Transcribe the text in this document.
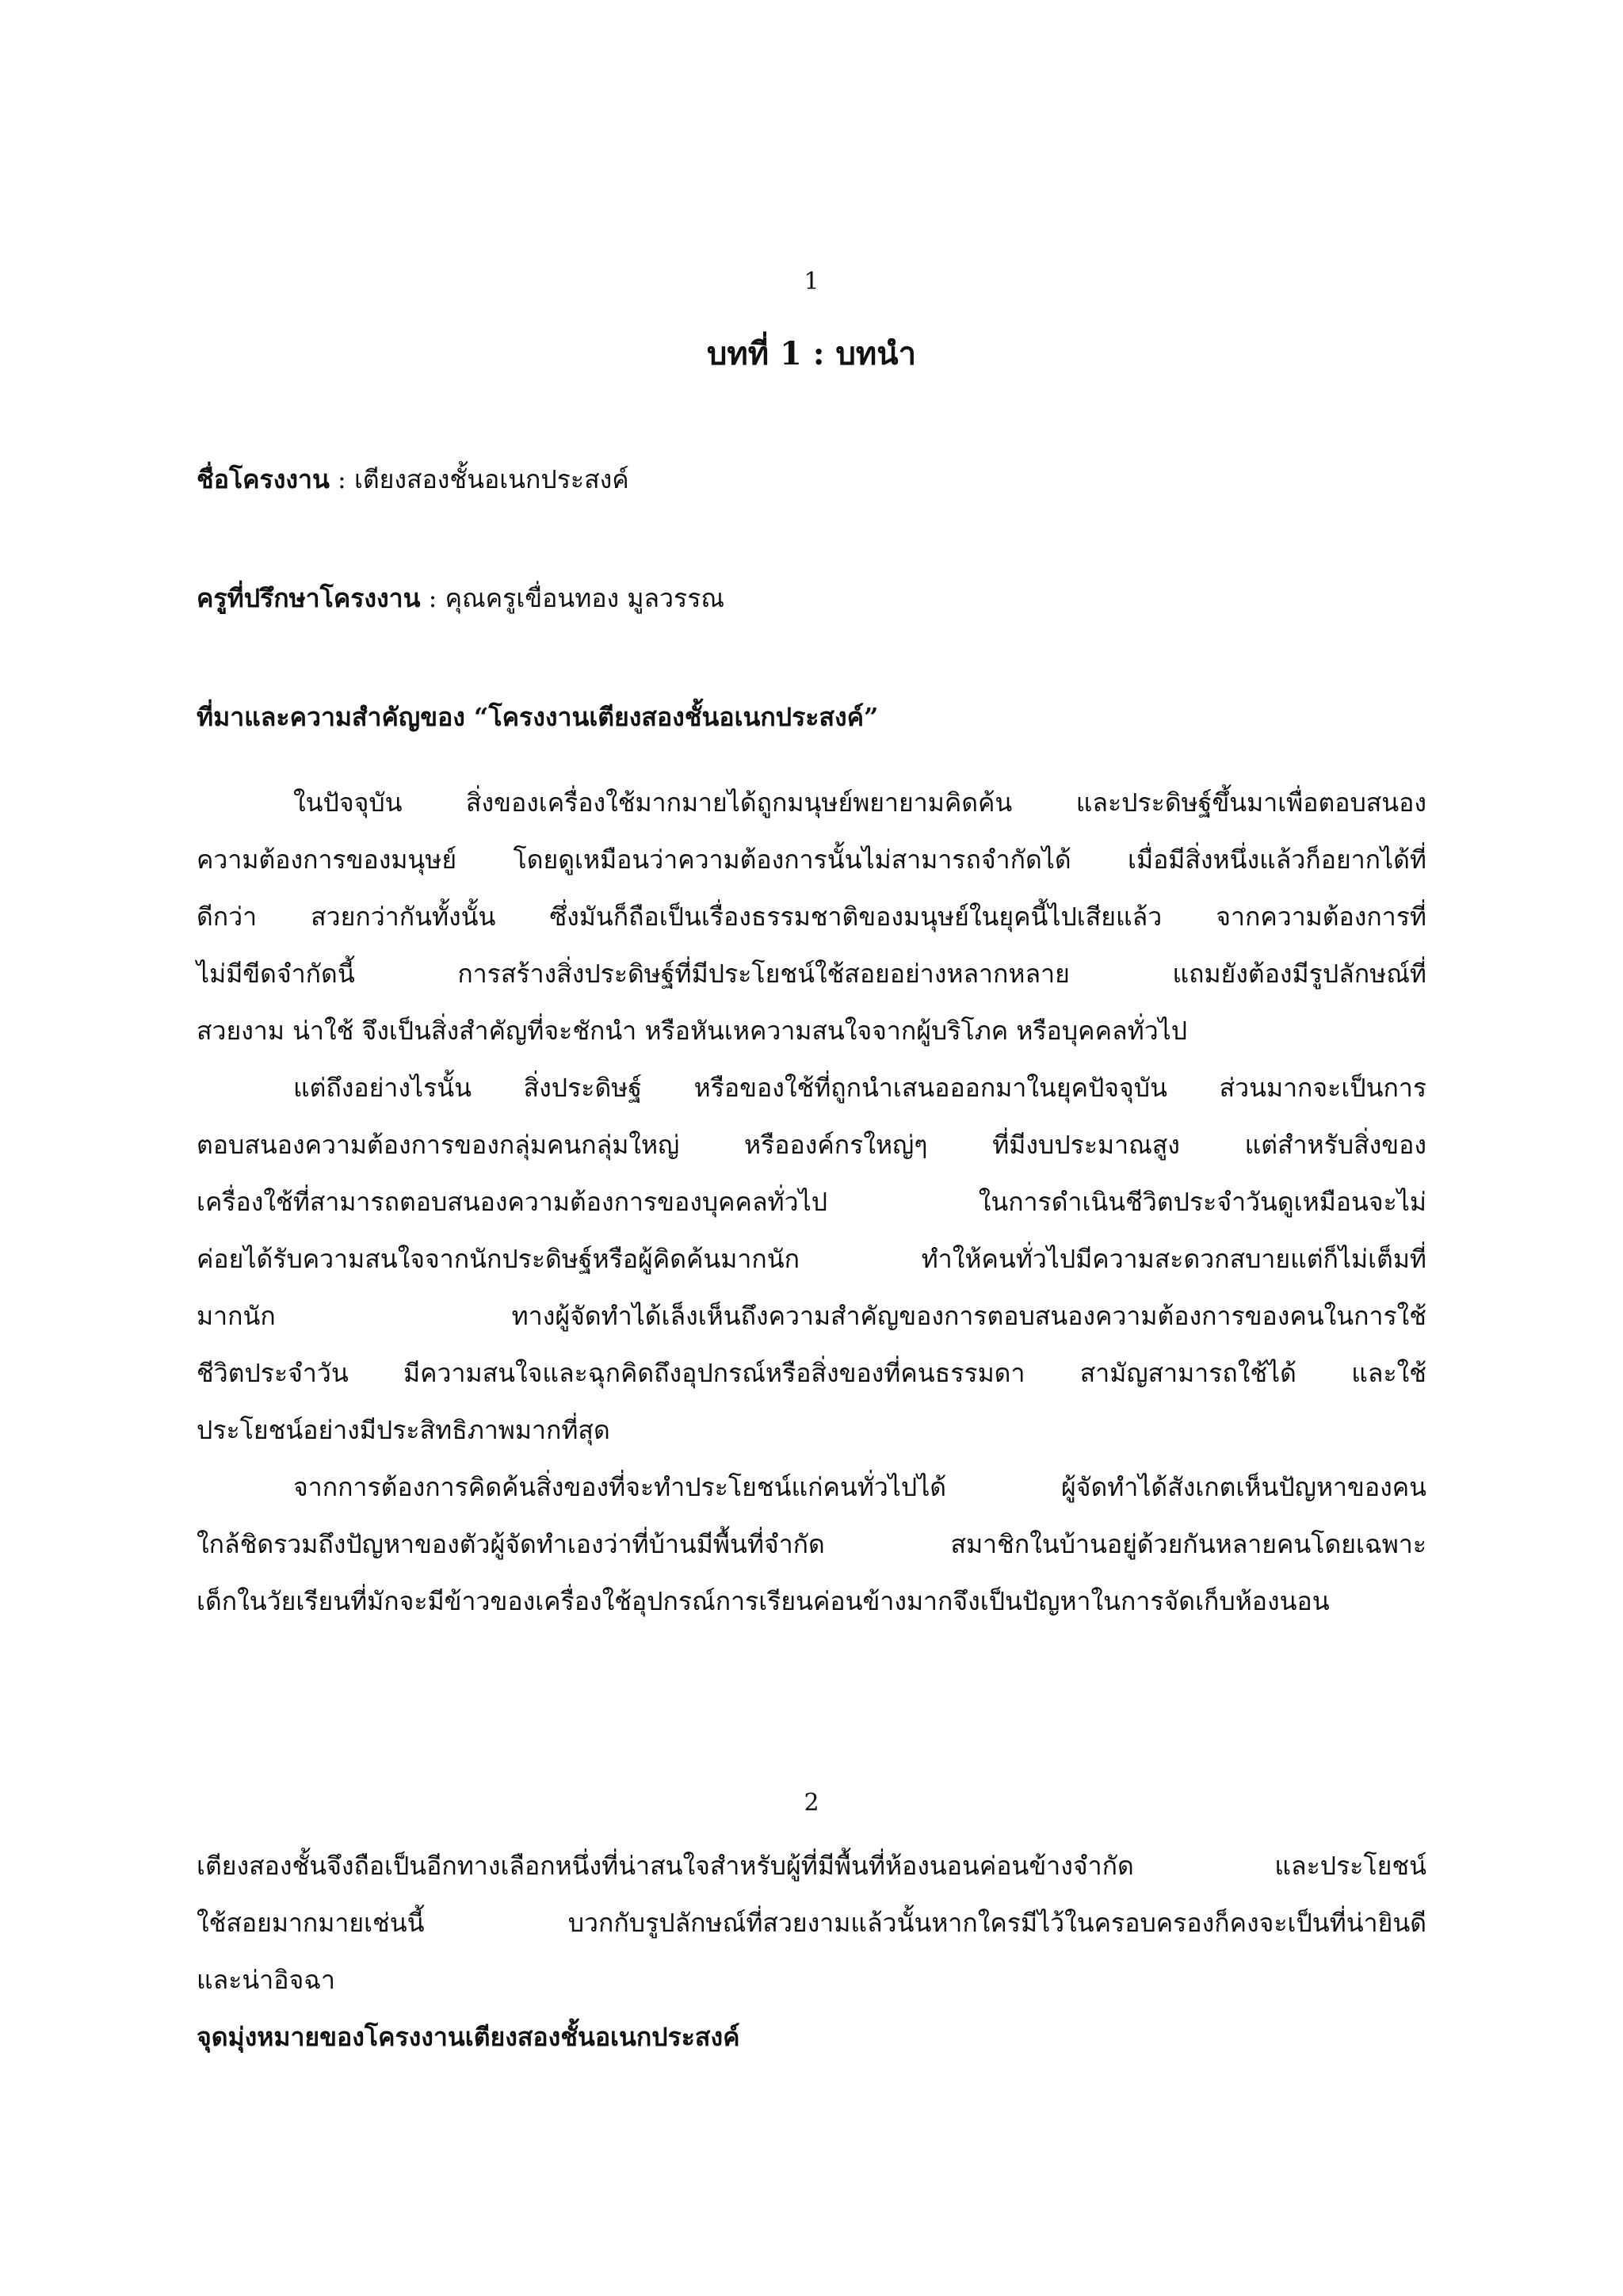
1
บทที่ 1 : บทนำ
ชื่อโครงงาน : เตียงสองชั้นอเนกประสงค์
ครูที่ปรึกษาโครงงาน : คุณครูเขื่อนทอง มูลวรรณ
ที่มาและความสำคัญของ “โครงงานเตียงสองชั้นอเนกประสงค์”
ในปัจจุบัน สิ่งของเครื่องใช้มากมายได้ถูกมนุษย์พยายามคิดค้น และประดิษฐ์ขึ้นมาเพื่อตอบสนอง
ความต้องการของมนุษย์ โดยดูเหมือนว่าความต้องการนั้นไม่สามารถจำกัดได้ เมื่อมีสิ่งหนึ่งแล้วก็อยากได้ที่
ดีกว่า สวยกว่ากันทั้งนั้น ซึ่งมันก็ถือเป็นเรื่องธรรมชาติของมนุษย์ในยุคนี้ไปเสียแล้ว จากความต้องการที่
ไม่มีขีดจำกัดนี้ การสร้างสิ่งประดิษฐ์ที่มีประโยชน์ใช้สอยอย่างหลากหลาย แถมยังต้องมีรูปลักษณ์ที่
สวยงาม น่าใช้ จึงเป็นสิ่งสำคัญที่จะชักนำ หรือหันเหความสนใจจากผู้บริโภค หรือบุคคลทั่วไป
แต่ถึงอย่างไรนั้น สิ่งประดิษฐ์ หรือของใช้ที่ถูกนำเสนอออกมาในยุคปัจจุบัน ส่วนมากจะเป็นการ
ตอบสนองความต้องการของกลุ่มคนกลุ่มใหญ่ หรือองค์กรใหญ่ๆ ที่มีงบประมาณสูง แต่สำหรับสิ่งของ
เครื่องใช้ที่สามารถตอบสนองความต้องการของบุคคลทั่วไป ในการดำเนินชีวิตประจำวันดูเหมือนจะไม่
ค่อยได้รับความสนใจจากนักประดิษฐ์หรือผู้คิดค้นมากนัก ทำให้คนทั่วไปมีความสะดวกสบายแต่ก็ไม่เต็มที่
มากนัก ทางผู้จัดทำได้เล็งเห็นถึงความสำคัญของการตอบสนองความต้องการของคนในการใช้
ชีวิตประจำวัน มีความสนใจและฉุกคิดถึงอุปกรณ์หรือสิ่งของที่คนธรรมดา สามัญสามารถใช้ได้ และใช้
ประโยชน์อย่างมีประสิทธิภาพมากที่สุด
จากการต้องการคิดค้นสิ่งของที่จะทำประโยชน์แก่คนทั่วไปได้ ผู้จัดทำได้สังเกตเห็นปัญหาของคน
ใกล้ชิดรวมถึงปัญหาของตัวผู้จัดทำเองว่าที่บ้านมีพื้นที่จำกัด สมาชิกในบ้านอยู่ด้วยกันหลายคนโดยเฉพาะ
เด็กในวัยเรียนที่มักจะมีข้าวของเครื่องใช้อุปกรณ์การเรียนค่อนข้างมากจึงเป็นปัญหาในการจัดเก็บห้องนอน
2
เตียงสองชั้นจึงถือเป็นอีกทางเลือกหนึ่งที่น่าสนใจสำหรับผู้ที่มีพื้นที่ห้องนอนค่อนข้างจำกัด และประโยชน์
ใช้สอยมากมายเช่นนี้ บวกกับรูปลักษณ์ที่สวยงามแล้วนั้นหากใครมีไว้ในครอบครองก็คงจะเป็นที่น่ายินดี
และน่าอิจฉา
จุดมุ่งหมายของโครงงานเตียงสองชั้นอเนกประสงค์
